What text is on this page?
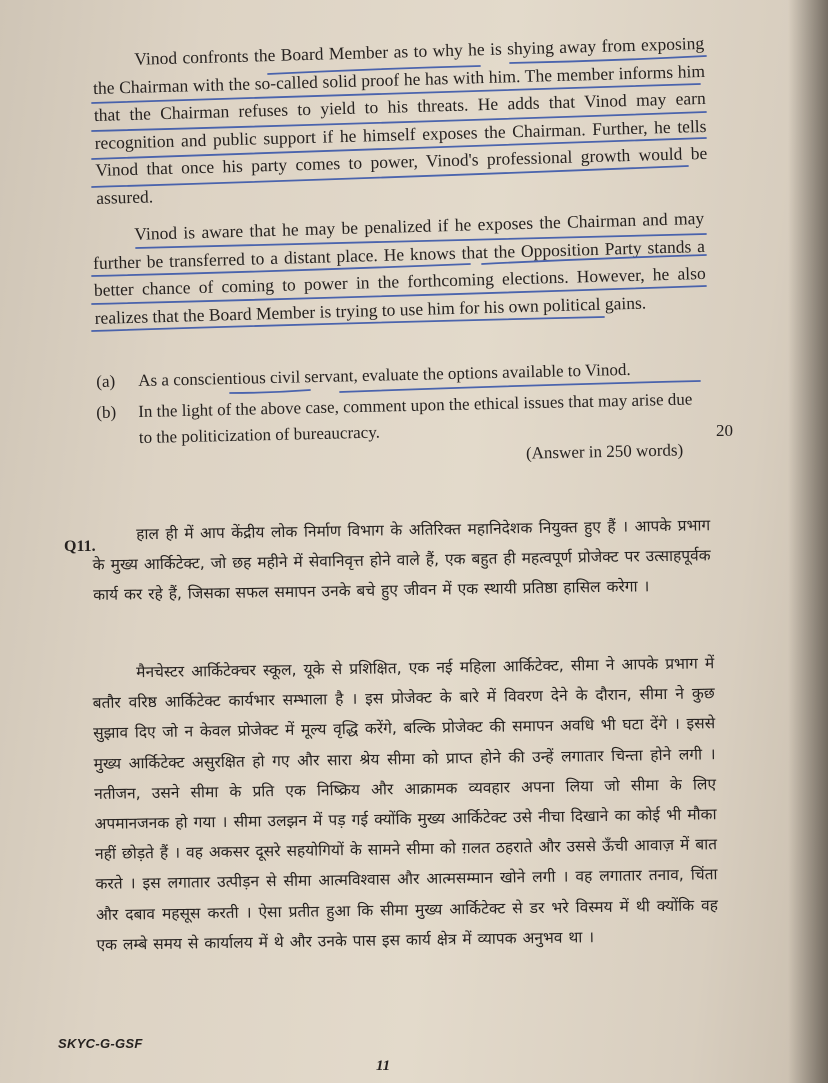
Vinod confronts the Board Member as to why he is shying away from exposing the Chairman with the so-called solid proof he has with him. The member informs him that the Chairman refuses to yield to his threats. He adds that Vinod may earn recognition and public support if he himself exposes the Chairman. Further, he tells Vinod that once his party comes to power, Vinod's professional growth would be assured.

Vinod is aware that he may be penalized if he exposes the Chairman and may further be transferred to a distant place. He knows that the Opposition Party stands a better chance of coming to power in the forthcoming elections. However, he also realizes that the Board Member is trying to use him for his own political gains.

(a) As a conscientious civil servant, evaluate the options available to Vinod.
(b) In the light of the above case, comment upon the ethical issues that may arise due to the politicization of bureaucracy.
(Answer in 250 words)
20
Q11.

हाल ही में आप केंद्रीय लोक निर्माण विभाग के अतिरिक्त महानिदेशक नियुक्त हुए हैं । आपके प्रभाग के मुख्य आर्किटेक्ट, जो छह महीने में सेवानिवृत्त होने वाले हैं, एक बहुत ही महत्वपूर्ण प्रोजेक्ट पर उत्साहपूर्वक कार्य कर रहे हैं, जिसका सफल समापन उनके बचे हुए जीवन में एक स्थायी प्रतिष्ठा हासिल करेगा ।

मैनचेस्टर आर्किटेक्चर स्कूल, यूके से प्रशिक्षित, एक नई महिला आर्किटेक्ट, सीमा ने आपके प्रभाग में बतौर वरिष्ठ आर्किटेक्ट कार्यभार सम्भाला है । इस प्रोजेक्ट के बारे में विवरण देने के दौरान, सीमा ने कुछ सुझाव दिए जो न केवल प्रोजेक्ट में मूल्य वृद्धि करेंगे, बल्कि प्रोजेक्ट की समापन अवधि भी घटा देंगे । इससे मुख्य आर्किटेक्ट असुरक्षित हो गए और सारा श्रेय सीमा को प्राप्त होने की उन्हें लगातार चिन्ता होने लगी । नतीजन, उसने सीमा के प्रति एक निष्क्रिय और आक्रामक व्यवहार अपना लिया जो सीमा के लिए अपमानजनक हो गया । सीमा उलझन में पड़ गई क्योंकि मुख्य आर्किटेक्ट उसे नीचा दिखाने का कोई भी मौका नहीं छोड़ते हैं । वह अकसर दूसरे सहयोगियों के सामने सीमा को ग़लत ठहराते और उससे ऊँची आवाज़ में बात करते । इस लगातार उत्पीड़न से सीमा आत्मविश्वास और आत्मसम्मान खोने लगी । वह लगातार तनाव, चिंता और दबाव महसूस करती । ऐसा प्रतीत हुआ कि सीमा मुख्य आर्किटेक्ट से डर भरे विस्मय में थी क्योंकि वह एक लम्बे समय से कार्यालय में थे और उनके पास इस कार्य क्षेत्र में व्यापक अनुभव था ।

SKYC-G-GSF
11
